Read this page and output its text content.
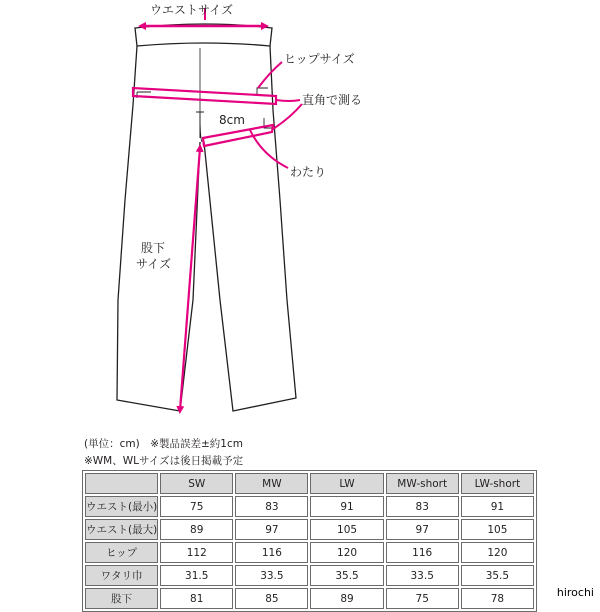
ウエストサイズ
ヒップサイズ
直角で測る
8cm
わたり
股下
サイズ
(単位：cm)　※製品誤差±約1cm
※WM、WLサイズは後日掲載予定
	SW	MW	LW	MW-short	LW-short
ウエスト(最小)	75	83	91	83	91
ウエスト(最大)	89	97	105	97	105
ヒップ	112	116	120	116	120
ワタリ巾	31.5	33.5	35.5	33.5	35.5
股下	81	85	89	75	78	hirochi
